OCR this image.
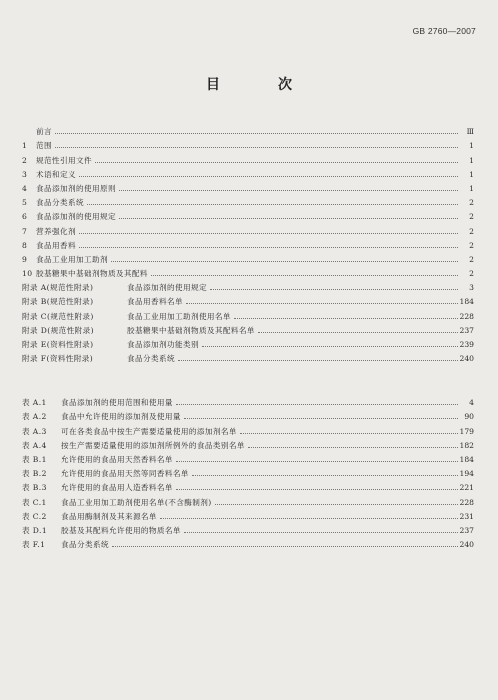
GB 2760—2007
目　次
前言	Ⅲ
1 范围	1
2 规范性引用文件	1
3 术语和定义	1
4 食品添加剂的使用原则	1
5 食品分类系统	2
6 食品添加剂的使用规定	2
7 营养强化剂	2
8 食品用香料	2
9 食品工业用加工助剂	2
10 胶基糖果中基础剂物质及其配料	2
附录 A(规范性附录)	食品添加剂的使用规定	3
附录 B(规范性附录)	食品用香料名单	184
附录 C(规范性附录)	食品工业用加工助剂使用名单	228
附录 D(规范性附录)	胶基糖果中基础剂物质及其配料名单	237
附录 E(资料性附录)	食品添加剂功能类别	239
附录 F(资料性附录)	食品分类系统	240
表 A.1 食品添加剂的使用范围和使用量	4
表 A.2 食品中允许使用的添加剂及使用量	90
表 A.3 可在各类食品中按生产需要适量使用的添加剂名单	179
表 A.4 按生产需要适量使用的添加剂所例外的食品类别名单	182
表 B.1 允许使用的食品用天然香料名单	184
表 B.2 允许使用的食品用天然等同香料名单	194
表 B.3 允许使用的食品用人造香料名单	221
表 C.1 食品工业用加工助剂使用名单(不含酶制剂)	228
表 C.2 食品用酶制剂及其来源名单	231
表 D.1 胶基及其配料允许使用的物质名单	237
表 F.1 食品分类系统	240
